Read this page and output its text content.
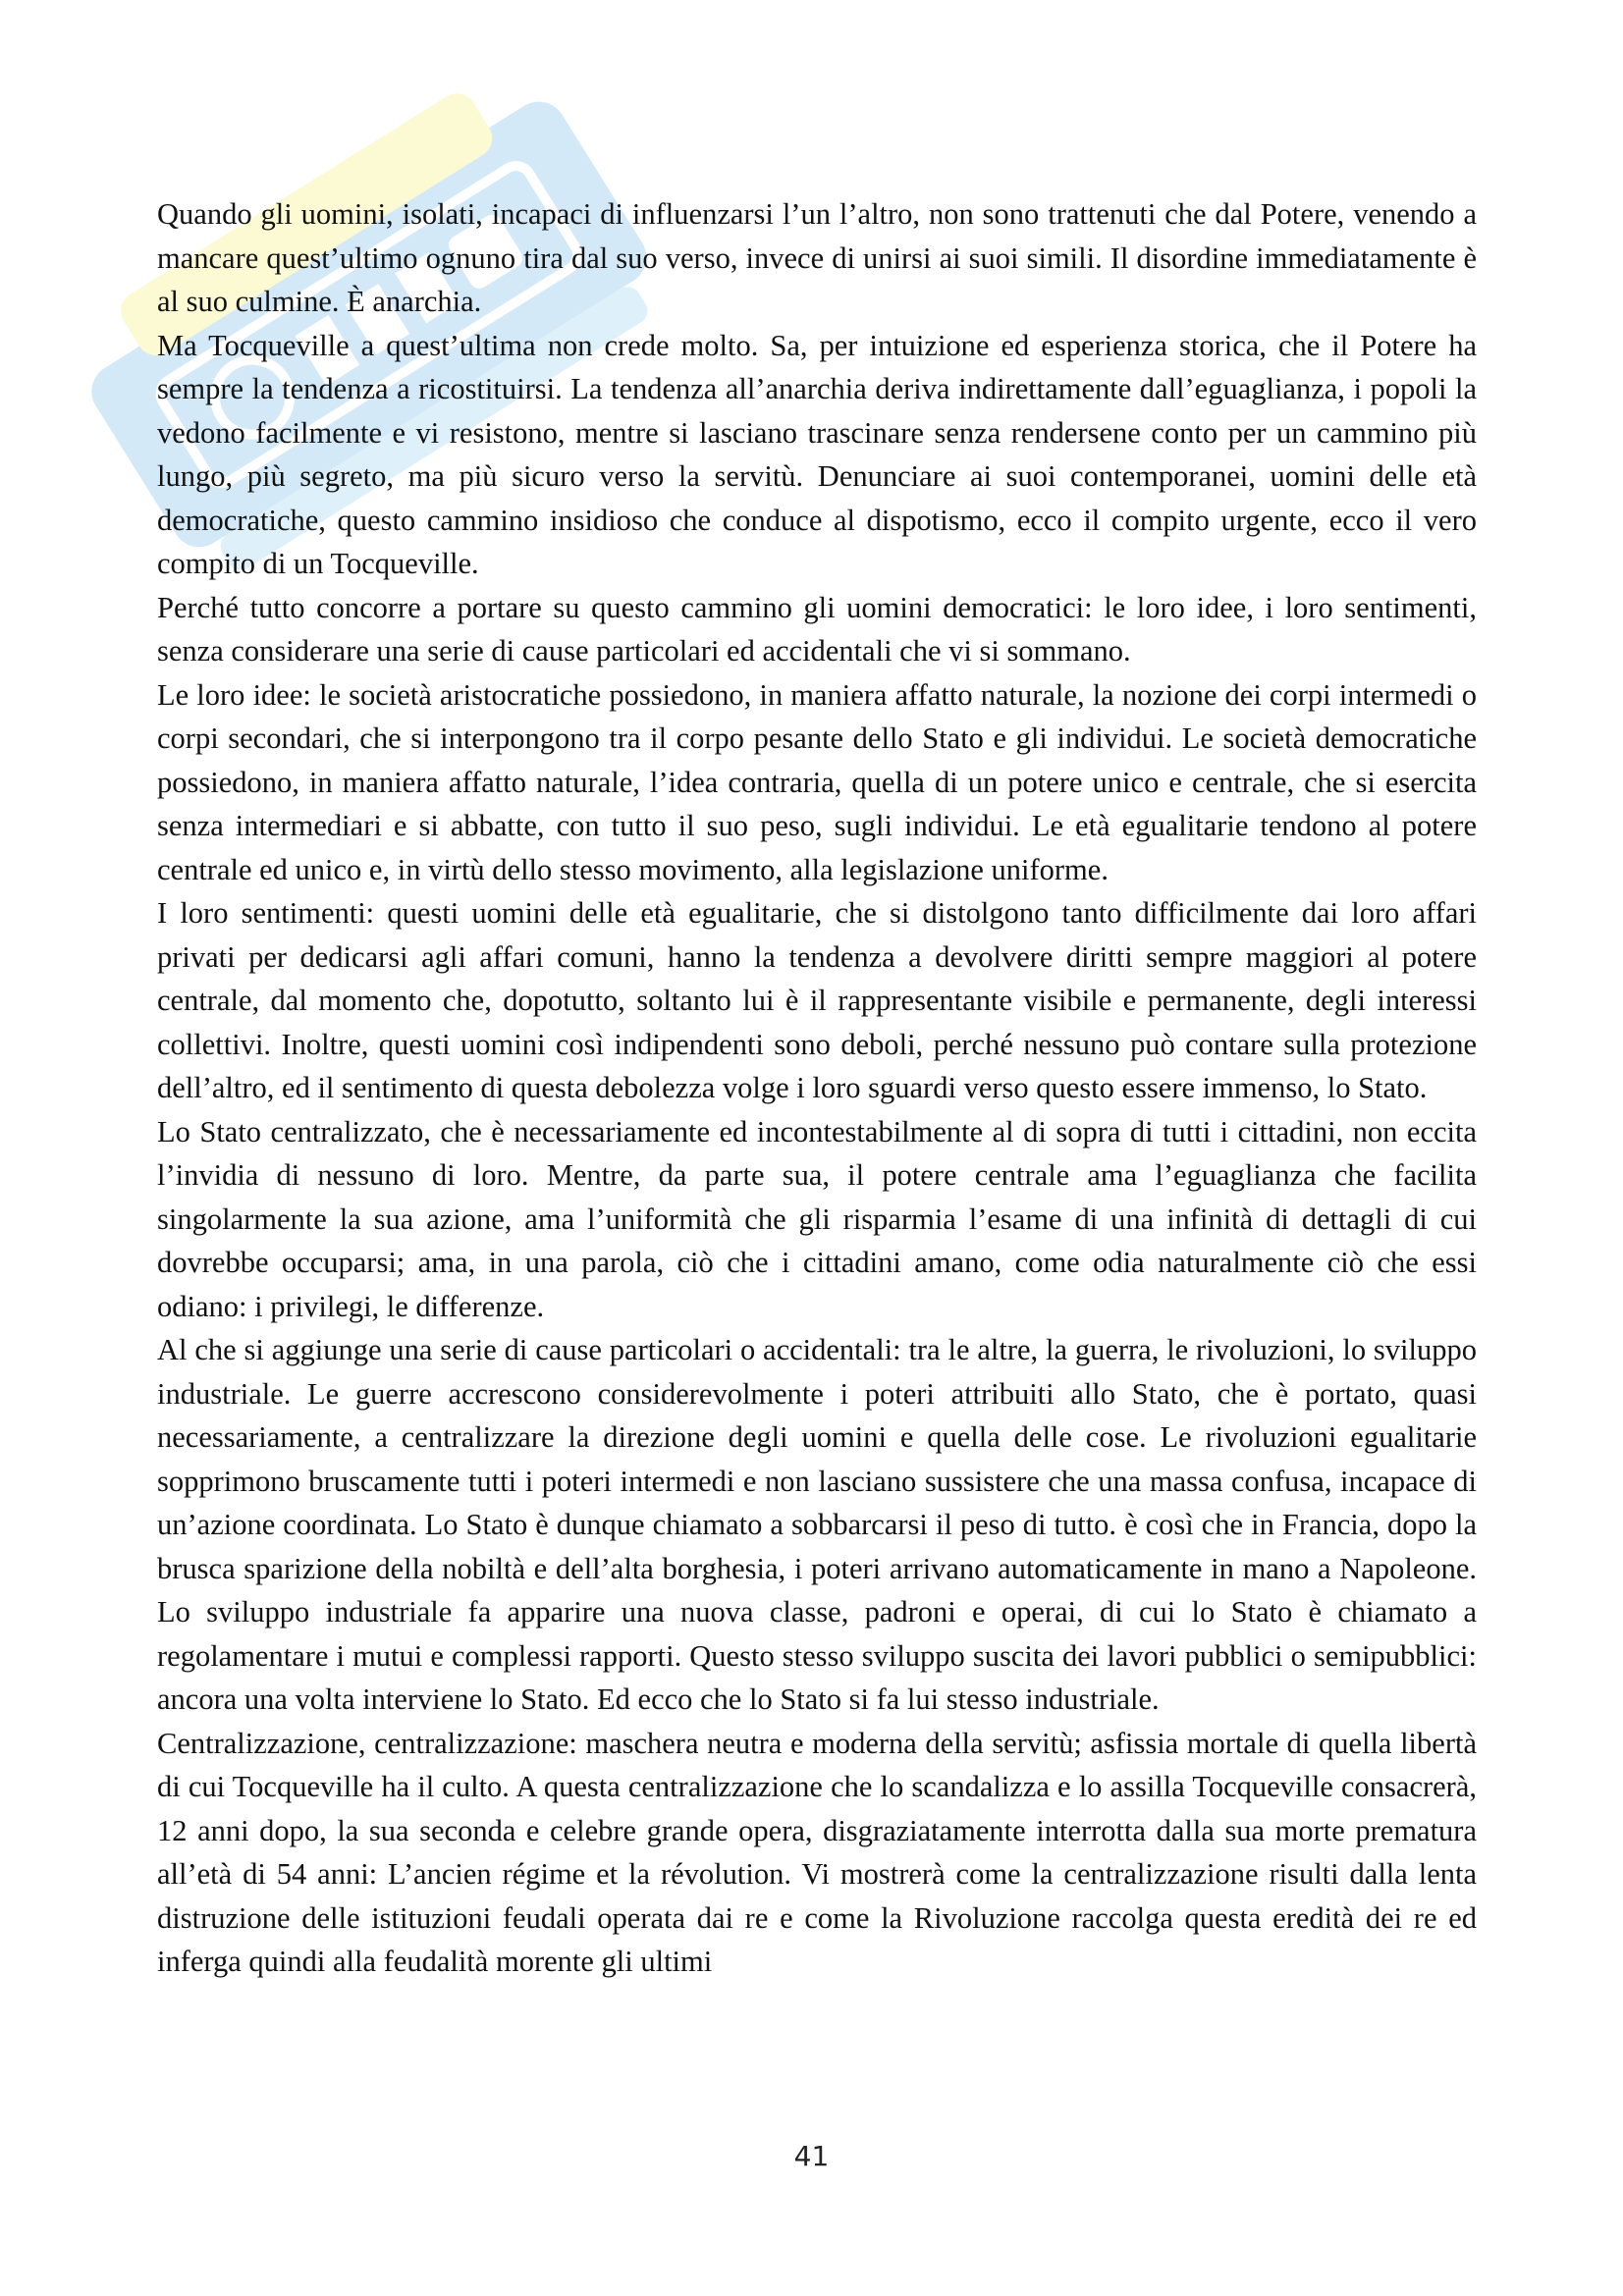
Quando gli uomini, isolati, incapaci di influenzarsi l’un l’altro, non sono trattenuti che dal Potere, venendo a mancare quest’ultimo ognuno tira dal suo verso, invece di unirsi ai suoi simili. Il disordine immediatamente è al suo culmine. È anarchia.

Ma Tocqueville a quest’ultima non crede molto. Sa, per intuizione ed esperienza storica, che il Potere ha sempre la tendenza a ricostituirsi. La tendenza all’anarchia deriva indirettamente dall’eguaglianza, i popoli la vedono facilmente e vi resistono, mentre si lasciano trascinare senza rendersene conto per un cammino più lungo, più segreto, ma più sicuro verso la servitù. Denunciare ai suoi contemporanei, uomini delle età democratiche, questo cammino insidioso che conduce al dispotismo, ecco il compito urgente, ecco il vero compito di un Tocqueville.

Perché tutto concorre a portare su questo cammino gli uomini democratici: le loro idee, i loro sentimenti, senza considerare una serie di cause particolari ed accidentali che vi si sommano.

Le loro idee: le società aristocratiche possiedono, in maniera affatto naturale, la nozione dei corpi intermedi o corpi secondari, che si interpongono tra il corpo pesante dello Stato e gli individui. Le società democratiche possiedono, in maniera affatto naturale, l’idea contraria, quella di un potere unico e centrale, che si esercita senza intermediari e si abbatte, con tutto il suo peso, sugli individui. Le età egualitarie tendono al potere centrale ed unico e, in virtù dello stesso movimento, alla legislazione uniforme.

I loro sentimenti: questi uomini delle età egualitarie, che si distolgono tanto difficilmente dai loro affari privati per dedicarsi agli affari comuni, hanno la tendenza a devolvere diritti sempre maggiori al potere centrale, dal momento che, dopotutto, soltanto lui è il rappresentante visibile e permanente, degli interessi collettivi. Inoltre, questi uomini così indipendenti sono deboli, perché nessuno può contare sulla protezione dell’altro, ed il sentimento di questa debolezza volge i loro sguardi verso questo essere immenso, lo Stato.

Lo Stato centralizzato, che è necessariamente ed incontestabilmente al di sopra di tutti i cittadini, non eccita l’invidia di nessuno di loro. Mentre, da parte sua, il potere centrale ama l’eguaglianza che facilita singolarmente la sua azione, ama l’uniformità che gli risparmia l’esame di una infinità di dettagli di cui dovrebbe occuparsi; ama, in una parola, ciò che i cittadini amano, come odia naturalmente ciò che essi odiano: i privilegi, le differenze.

Al che si aggiunge una serie di cause particolari o accidentali: tra le altre, la guerra, le rivoluzioni, lo sviluppo industriale. Le guerre accrescono considerevolmente i poteri attribuiti allo Stato, che è portato, quasi necessariamente, a centralizzare la direzione degli uomini e quella delle cose. Le rivoluzioni egualitarie sopprimono bruscamente tutti i poteri intermedi e non lasciano sussistere che una massa confusa, incapace di un’azione coordinata. Lo Stato è dunque chiamato a sobbarcarsi il peso di tutto. è così che in Francia, dopo la brusca sparizione della nobiltà e dell’alta borghesia, i poteri arrivano automaticamente in mano a Napoleone. Lo sviluppo industriale fa apparire una nuova classe, padroni e operai, di cui lo Stato è chiamato a regolamentare i mutui e complessi rapporti. Questo stesso sviluppo suscita dei lavori pubblici o semipubblici: ancora una volta interviene lo Stato. Ed ecco che lo Stato si fa lui stesso industriale.

Centralizzazione, centralizzazione: maschera neutra e moderna della servitù; asfissia mortale di quella libertà di cui Tocqueville ha il culto. A questa centralizzazione che lo scandalizza e lo assilla Tocqueville consacrerà, 12 anni dopo, la sua seconda e celebre grande opera, disgraziatamente interrotta dalla sua morte prematura all’età di 54 anni: L’ancien régime et la révolution. Vi mostrerà come la centralizzazione risulti dalla lenta distruzione delle istituzioni feudali operata dai re e come la Rivoluzione raccolga questa eredità dei re ed inferga quindi alla feudalità morente gli ultimi

41
